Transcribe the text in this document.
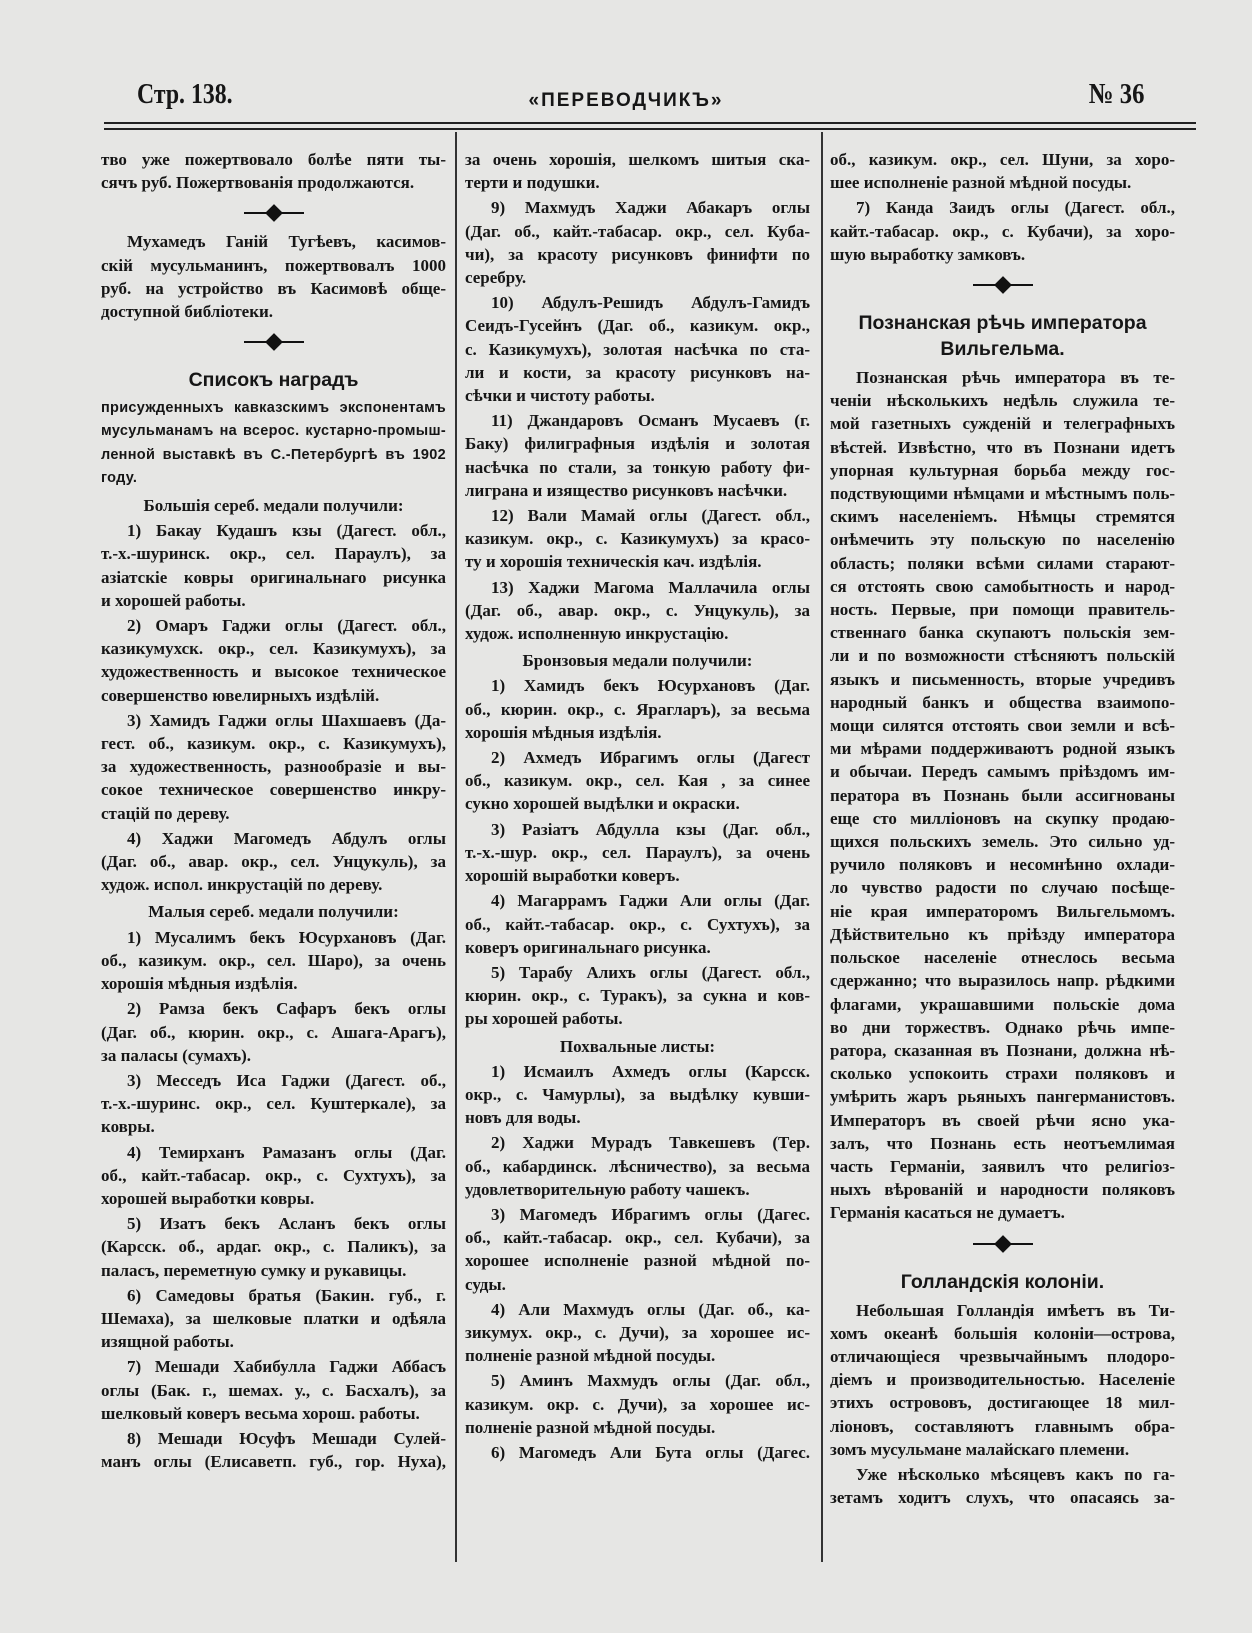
Стр. 138.	«ПЕРЕВОДЧИКЪ»	№ 36
тво уже пожертвовало болѣе пяти ты-
сячъ руб. Пожертвованія продолжаются.
Мухамедъ Ганій Тугѣевъ, касимов-
скій мусульманинъ, пожертвовалъ 1000
руб. на устройство въ Касимовѣ обще-
доступной библіотеки.
Списокъ наградъ
присужденныхъ кавказскимъ экспонентамъ
мусульманамъ на всерос. кустарно-промыш-
ленной выставкѣ въ С.-Петербургѣ въ 1902
году.
Большія сереб. медали получили:
1) Бакау Кудашъ кзы (Дагест. обл.,
т.-х.-шуринск. окр., сел. Параулъ), за
азіатскіе ковры оригинальнаго рисунка
и хорошей работы.
2) Омаръ Гаджи оглы (Дагест. обл.,
казикумухск. окр., сел. Казикумухъ), за
художественность и высокое техническое
совершенство ювелирныхъ издѣлій.
3) Хамидъ Гаджи оглы Шахшаевъ (Да-
гест. об., казикум. окр., с. Казикумухъ),
за художественность, разнообразіе и вы-
сокое техническое совершенство инкру-
стацій по дереву.
4) Хаджи Магомедъ Абдулъ оглы
(Даг. об., авар. окр., сел. Унцукуль), за
худож. испол. инкрустацій по дереву.
Малыя сереб. медали получили:
1) Мусалимъ бекъ Юсурхановъ (Даг.
об., казикум. окр., сел. Шаро), за очень
хорошія мѣдныя издѣлія.
2) Рамза бекъ Сафаръ бекъ оглы
(Даг. об., кюрин. окр., с. Ашага-Арагъ),
за паласы (сумахъ).
3) Месседъ Иса Гаджи (Дагест. об.,
т.-х.-шуринс. окр., сел. Куштеркале), за
ковры.
4) Темирханъ Рамазанъ оглы (Даг.
об., кайт.-табасар. окр., с. Сухтухъ), за
хорошей выработки ковры.
5) Изатъ бекъ Асланъ бекъ оглы
(Карсск. об., ардаг. окр., с. Паликъ), за
паласъ, переметную сумку и рукавицы.
6) Самедовы братья (Бакин. губ., г.
Шемаха), за шелковые платки и одѣяла
изящной работы.
7) Мешади Хабибулла Гаджи Аббасъ
оглы (Бак. г., шемах. у., с. Басхалъ), за
шелковый коверъ весьма хорош. работы.
8) Мешади Юсуфъ Мешади Сулей-
манъ оглы (Елисаветп. губ., гор. Нуха),
за очень хорошія, шелкомъ шитыя ска-
терти и подушки.
9) Махмудъ Хаджи Абакаръ оглы
(Даг. об., кайт.-табасар. окр., сел. Куба-
чи), за красоту рисунковъ финифти по
серебру.
10) Абдулъ-Решидъ Абдулъ-Гамидъ
Сеидъ-Гусейнъ (Даг. об., казикум. окр.,
с. Казикумухъ), золотая насѣчка по ста-
ли и кости, за красоту рисунковъ на-
сѣчки и чистоту работы.
11) Джандаровъ Османъ Мусаевъ (г.
Баку) филиграфныя издѣлія и золотая
насѣчка по стали, за тонкую работу фи-
лиграна и изящество рисунковъ насѣчки.
12) Вали Мамай оглы (Дагест. обл.,
казикум. окр., с. Казикумухъ) за красо-
ту и хорошія техническія кач. издѣлія.
13) Хаджи Магома Маллачила оглы
(Даг. об., авар. окр., с. Унцукуль), за
худож. исполненную инкрустацію.
Бронзовыя медали получили:
1) Хамидъ бекъ Юсурхановъ (Даг.
об., кюрин. окр., с. Ярагларъ), за весьма
хорошія мѣдныя издѣлія.
2) Ахмедъ Ибрагимъ оглы (Дагест
об., казикум. окр., сел. Кая , за синее
сукно хорошей выдѣлки и окраски.
3) Разіатъ Абдулла кзы (Даг. обл.,
т.-х.-шур. окр., сел. Параулъ), за очень
хорошій выработки коверъ.
4) Магаррамъ Гаджи Али оглы (Даг.
об., кайт.-табасар. окр., с. Сухтухъ), за
коверъ оригинальнаго рисунка.
5) Тарабу Алихъ оглы (Дагест. обл.,
кюрин. окр., с. Туракъ), за сукна и ков-
ры хорошей работы.
Похвальные листы:
1) Исмаилъ Ахмедъ оглы (Карсск.
окр., с. Чамурлы), за выдѣлку кувши-
новъ для воды.
2) Хаджи Мурадъ Тавкешевъ (Тер.
об., кабардинск. лѣсничество), за весьма
удовлетворительную работу чашекъ.
3) Магомедъ Ибрагимъ оглы (Дагес.
об., кайт.-табасар. окр., сел. Кубачи), за
хорошее исполненіе разной мѣдной по-
суды.
4) Али Махмудъ оглы (Даг. об., ка-
зикумух. окр., с. Дучи), за хорошее ис-
полненіе разной мѣдной посуды.
5) Аминъ Махмудъ оглы (Даг. обл.,
казикум. окр. с. Дучи), за хорошее ис-
полненіе разной мѣдной посуды.
6) Магомедъ Али Бута оглы (Дагес.
об., казикум. окр., сел. Шуни, за хоро-
шее исполненіе разной мѣдной посуды.
7) Канда Заидъ оглы (Дагест. обл.,
кайт.-табасар. окр., с. Кубачи), за хоро-
шую выработку замковъ.
Познанская рѣчь императора
Вильгельма.
Познанская рѣчь императора въ те-
ченіи нѣсколькихъ недѣль служила те-
мой газетныхъ сужденій и телеграфныхъ
вѣстей. Извѣстно, что въ Познани идетъ
упорная культурная борьба между гос-
подствующими нѣмцами и мѣстнымъ поль-
скимъ населеніемъ. Нѣмцы стремятся
онѣмечить эту польскую по населенію
область; поляки всѣми силами старают-
ся отстоять свою самобытность и народ-
ность. Первые, при помощи правитель-
ственнаго банка скупаютъ польскія зем-
ли и по возможности стѣсняютъ польскій
языкъ и письменность, вторые учредивъ
народный банкъ и общества взаимопо-
мощи силятся отстоять свои земли и всѣ-
ми мѣрами поддерживаютъ родной языкъ
и обычаи. Передъ самымъ пріѣздомъ им-
ператора въ Познань были ассигнованы
еще сто милліоновъ на скупку продаю-
щихся польскихъ земель. Это сильно уд-
ручило поляковъ и несомнѣнно охлади-
ло чувство радости по случаю посѣще-
ніе края императоромъ Вильгельмомъ.
Дѣйствительно къ пріѣзду императора
польское населеніе отнеслось весьма
сдержанно; что выразилось напр. рѣдкими
флагами, украшавшими польскіе дома
во дни торжествъ. Однако рѣчь импе-
ратора, сказанная въ Познани, должна нѣ-
сколько успокоить страхи поляковъ и
умѣрить жаръ рьяныхъ пангерманистовъ.
Императоръ въ своей рѣчи ясно ука-
залъ, что Познань есть неотъемлимая
часть Германіи, заявилъ что религіоз-
ныхъ вѣрованій и народности поляковъ
Германія касаться не думаетъ.
Голландскія колоніи.
Небольшая Голландія имѣетъ въ Ти-
хомъ океанѣ большія колоніи—острова,
отличающіеся чрезвычайнымъ плодоро-
діемъ и производительностью. Населеніе
этихъ острововъ, достигающее 18 мил-
ліоновъ, составляютъ главнымъ обра-
зомъ мусульмане малайскаго племени.
Уже нѣсколько мѣсяцевъ какъ по га-
зетамъ ходитъ слухъ, что опасаясь за-
